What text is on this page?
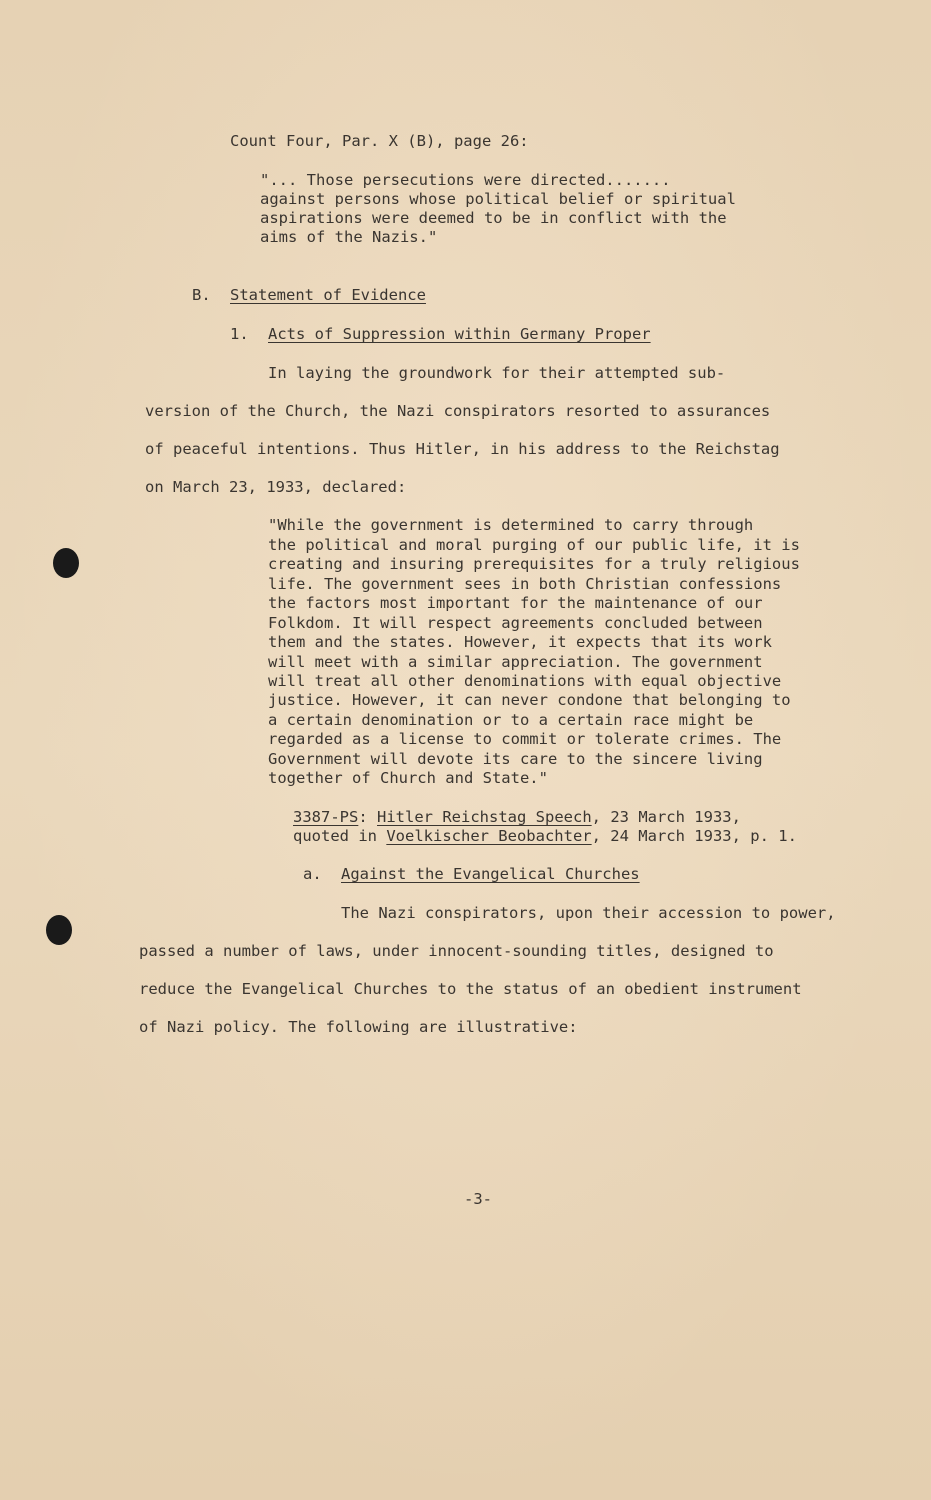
Count Four, Par. X (B), page 26:
"... Those persecutions were directed.......
against persons whose political belief or spiritual
aspirations were deemed to be in conflict with the
aims of the Nazis."
B. Statement of Evidence
1. Acts of Suppression within Germany Proper
In laying the groundwork for their attempted sub-
version of the Church, the Nazi conspirators resorted to assurances
of peaceful intentions. Thus Hitler, in his address to the Reichstag
on March 23, 1933, declared:
"While the government is determined to carry through
the political and moral purging of our public life, it is
creating and insuring prerequisites for a truly religious
life. The government sees in both Christian confessions
the factors most important for the maintenance of our
Folkdom. It will respect agreements concluded between
them and the states. However, it expects that its work
will meet with a similar appreciation. The government
will treat all other denominations with equal objective
justice. However, it can never condone that belonging to
a certain denomination or to a certain race might be
regarded as a license to commit or tolerate crimes. The
Government will devote its care to the sincere living
together of Church and State."
3387-PS: Hitler Reichstag Speech, 23 March 1933,
quoted in Voelkischer Beobachter, 24 March 1933, p. 1.
a. Against the Evangelical Churches
The Nazi conspirators, upon their accession to power,
passed a number of laws, under innocent-sounding titles, designed to
reduce the Evangelical Churches to the status of an obedient instrument
of Nazi policy. The following are illustrative:
-3-
